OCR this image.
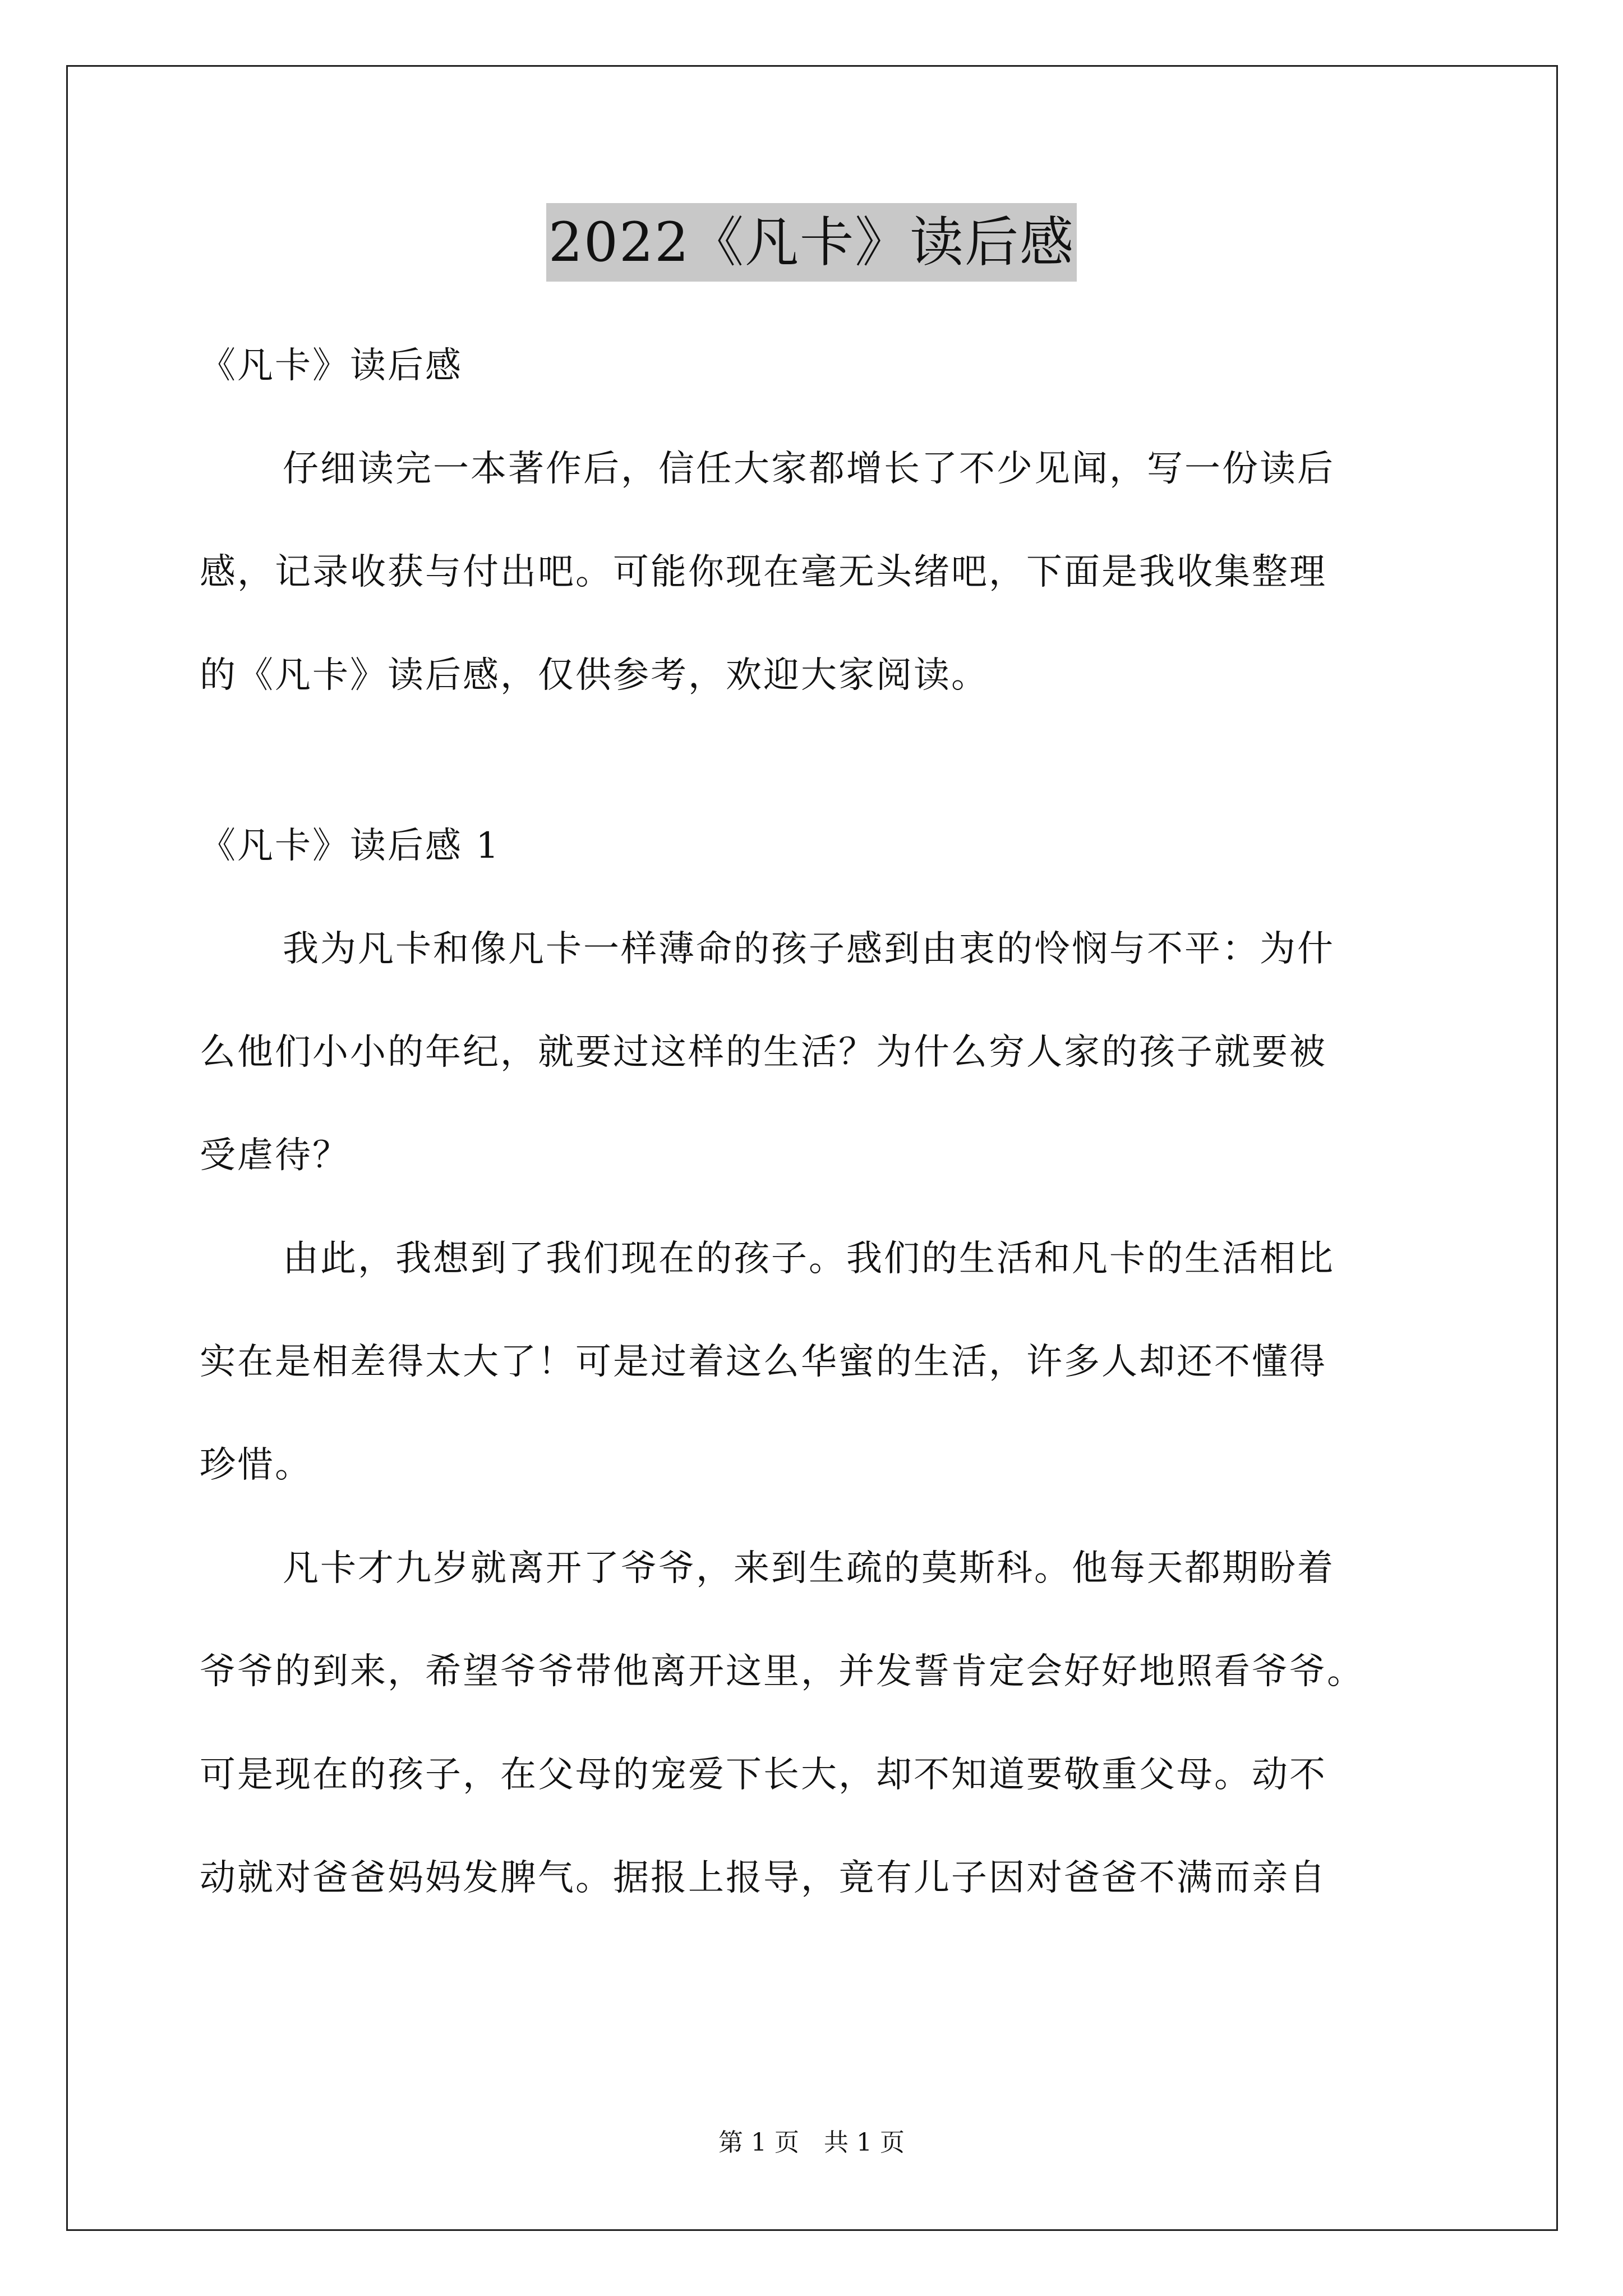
2022《凡卡》读后感
《凡卡》读后感
仔细读完一本著作后，信任大家都增长了不少见闻，写一份读后
感，记录收获与付出吧。可能你现在毫无头绪吧，下面是我收集整理
的《凡卡》读后感，仅供参考，欢迎大家阅读。
《凡卡》读后感 1
我为凡卡和像凡卡一样薄命的孩子感到由衷的怜悯与不平：为什
么他们小小的年纪，就要过这样的生活？为什么穷人家的孩子就要被
受虐待？
由此，我想到了我们现在的孩子。我们的生活和凡卡的生活相比
实在是相差得太大了！可是过着这么华蜜的生活，许多人却还不懂得
珍惜。
凡卡才九岁就离开了爷爷，来到生疏的莫斯科。他每天都期盼着
爷爷的到来，希望爷爷带他离开这里，并发誓肯定会好好地照看爷爷。
可是现在的孩子，在父母的宠爱下长大，却不知道要敬重父母。动不
动就对爸爸妈妈发脾气。据报上报导，竟有儿子因对爸爸不满而亲自
第 1 页　共 1 页
